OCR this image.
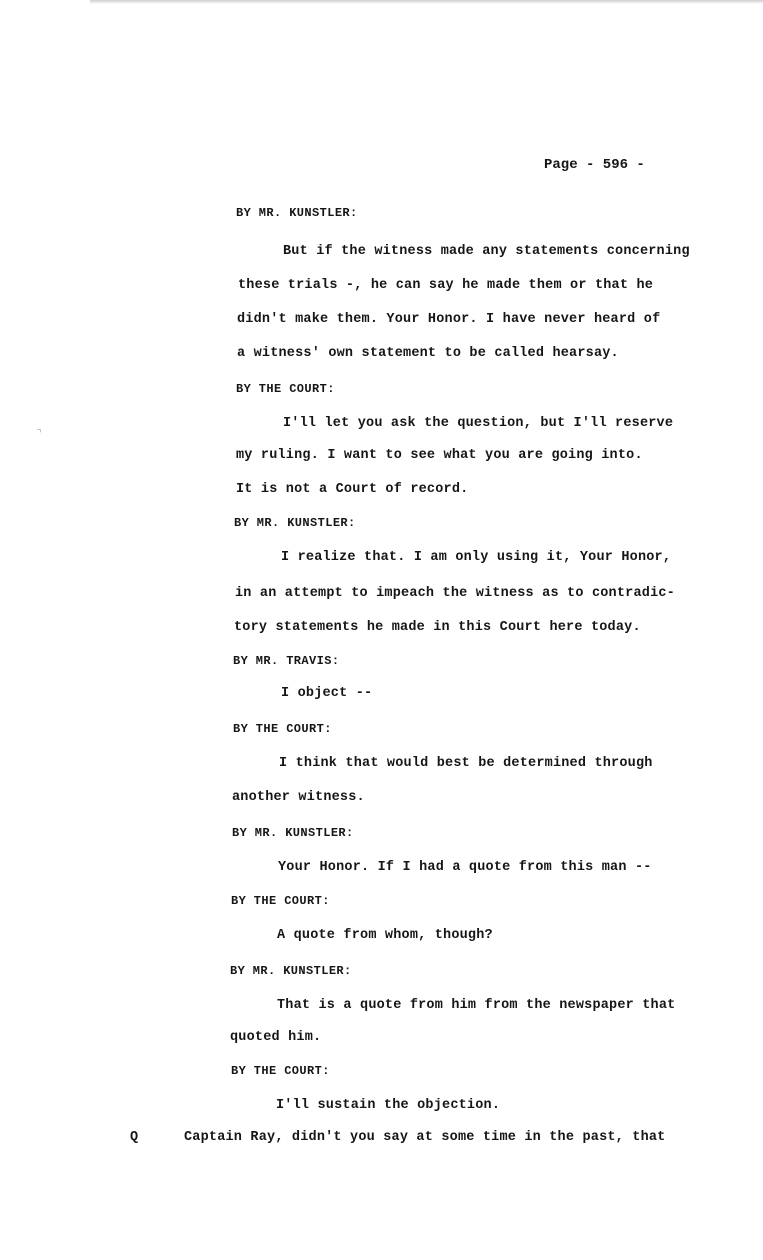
⌝
Page - 596 -
BY MR. KUNSTLER:
But if the witness made any statements concerning
these trials -, he can say he made them or that he
didn't make them. Your Honor. I have never heard of
a witness' own statement to be called hearsay.
BY THE COURT:
I'll let you ask the question, but I'll reserve
my ruling. I want to see what you are going into.
It is not a Court of record.
BY MR. KUNSTLER:
I realize that. I am only using it, Your Honor,
in an attempt to impeach the witness as to contradic-
tory statements he made in this Court here today.
BY MR. TRAVIS:
I object --
BY THE COURT:
I think that would best be determined through
another witness.
BY MR. KUNSTLER:
Your Honor. If I had a quote from this man --
BY THE COURT:
A quote from whom, though?
BY MR. KUNSTLER:
That is a quote from him from the newspaper that
quoted him.
BY THE COURT:
I'll sustain the objection.
Captain Ray, didn't you say at some time in the past, that
Q
